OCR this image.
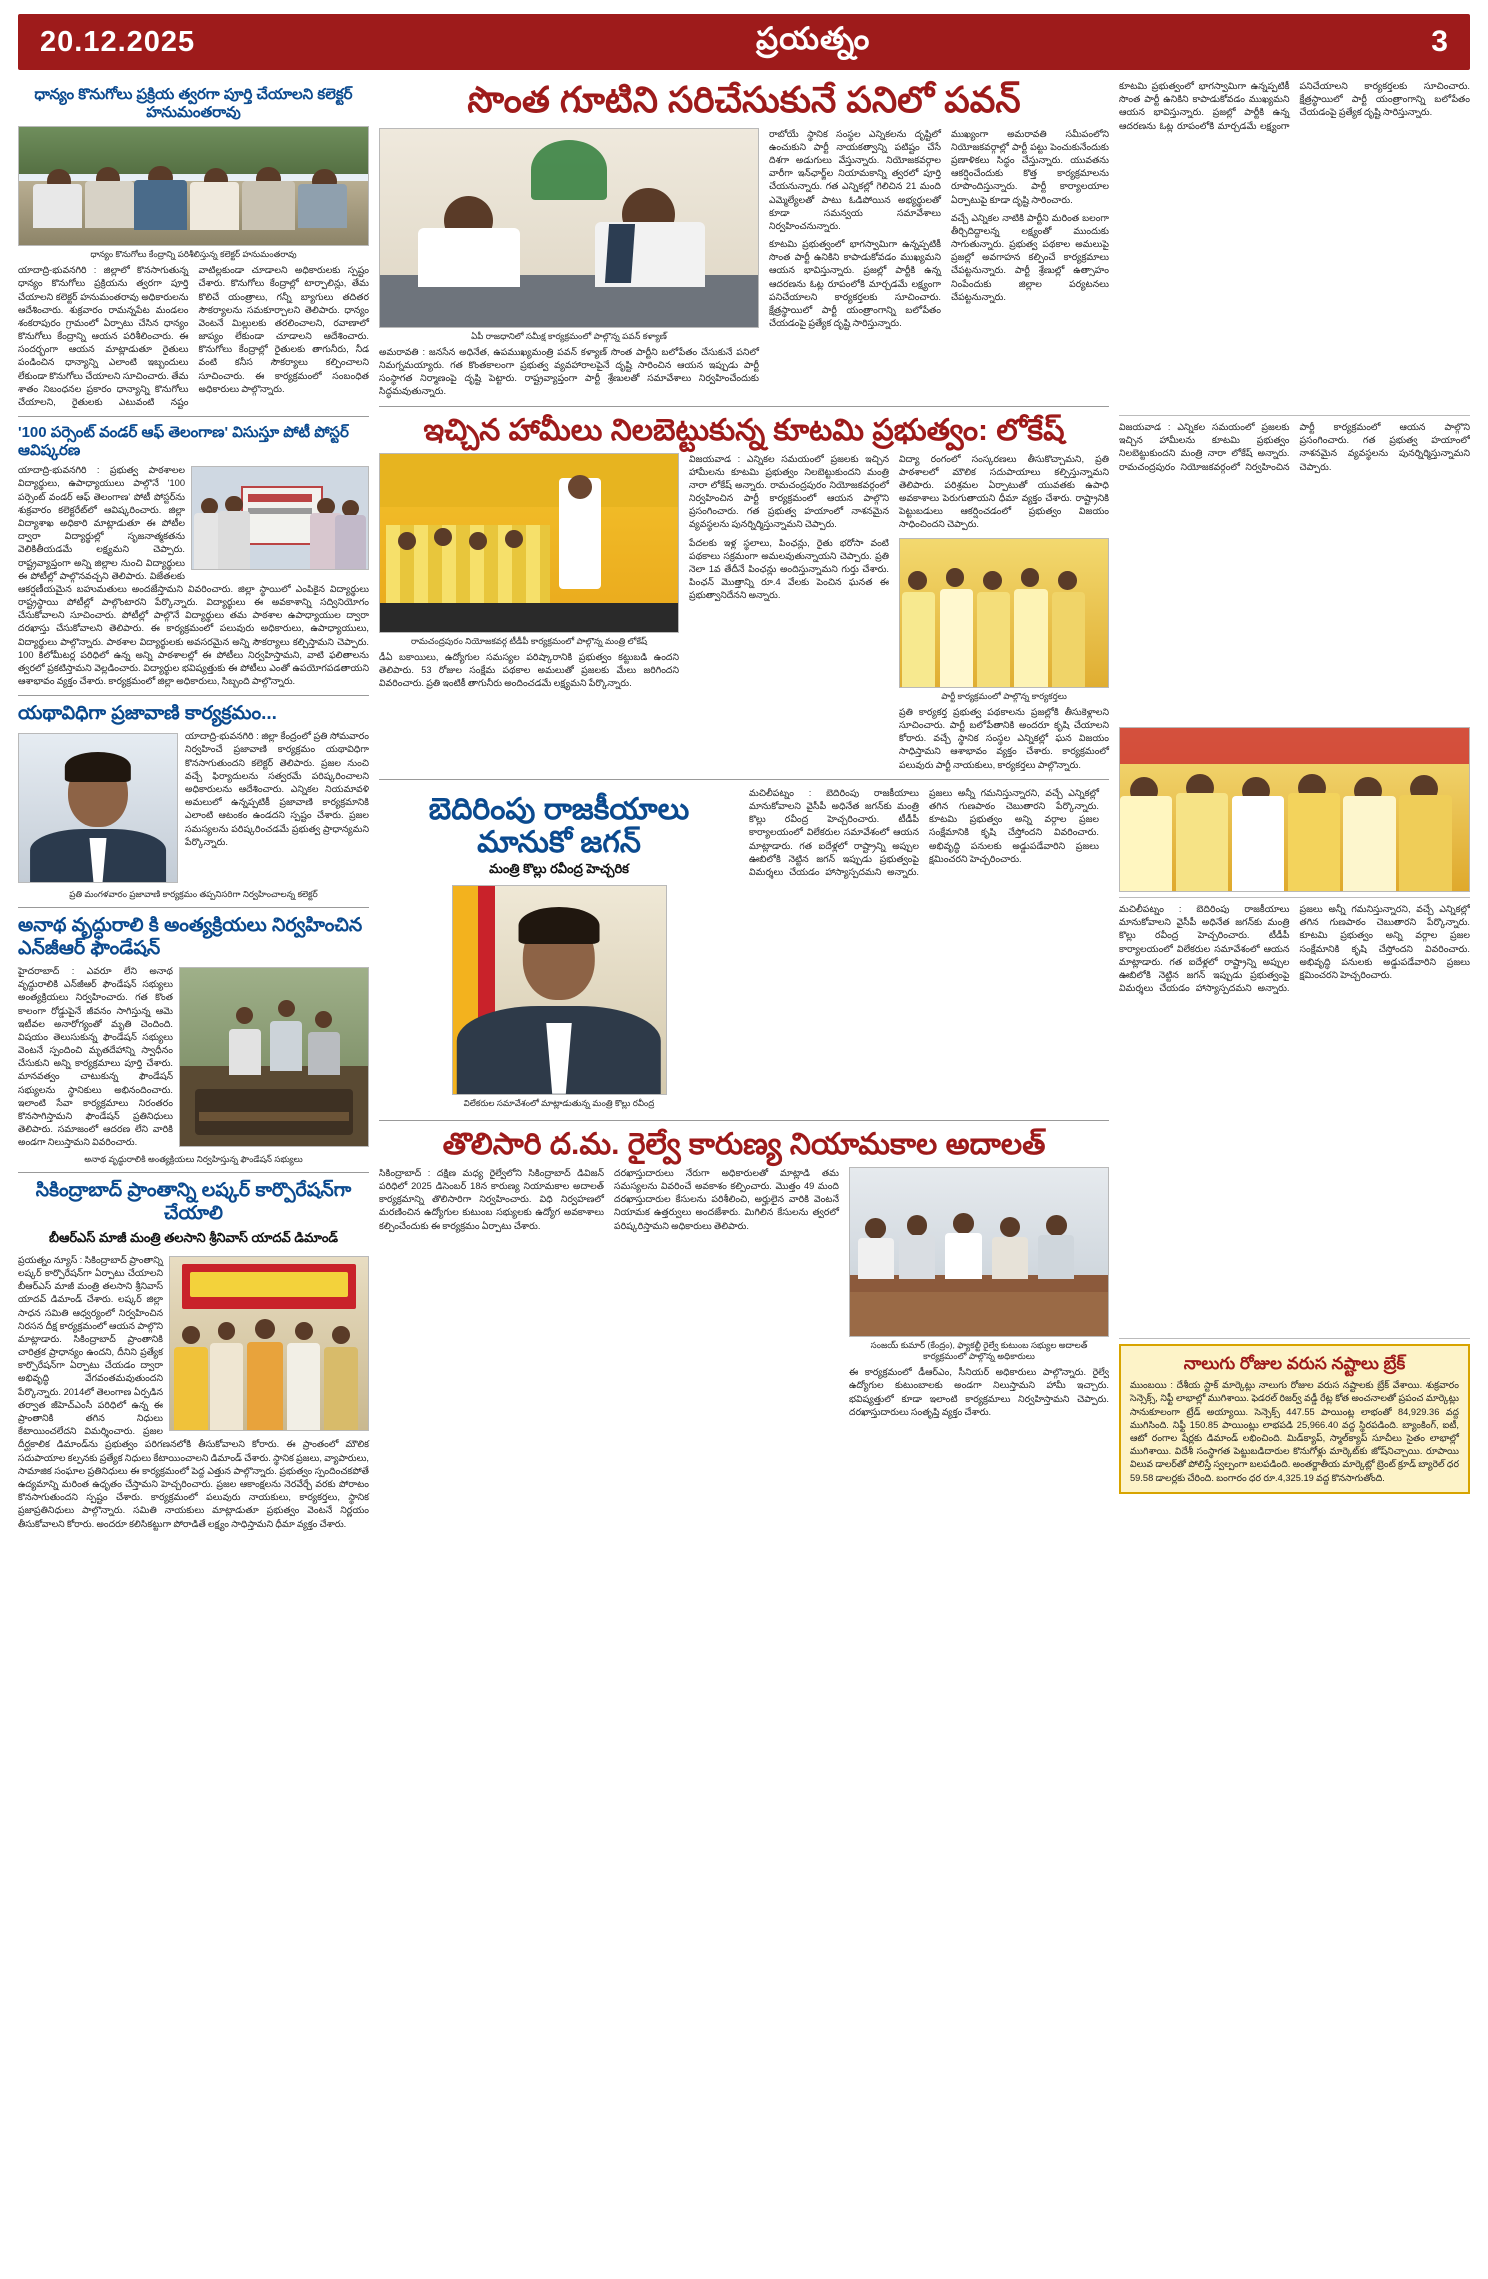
20.12.2025	ప్రయత్నం	3
ధాన్యం కొనుగోలు ప్రక్రియ త్వరగా పూర్తి చేయాలని కలెక్టర్ హనుమంతరావు
ధాన్యం కొనుగోలు కేంద్రాన్ని పరిశీలిస్తున్న కలెక్టర్ హనుమంతరావు
యాదాద్రి-భువనగిరి : జిల్లాలో కొనసాగుతున్న ధాన్యం కొనుగోలు ప్రక్రియను త్వరగా పూర్తి చేయాలని కలెక్టర్ హనుమంతరావు అధికారులను ఆదేశించారు. శుక్రవారం రామన్నపేట మండలం శంకరాపురం గ్రామంలో ఏర్పాటు చేసిన ధాన్యం కొనుగోలు కేంద్రాన్ని ఆయన పరిశీలించారు. ఈ సందర్భంగా ఆయన మాట్లాడుతూ రైతులు పండించిన ధాన్యాన్ని ఎలాంటి ఇబ్బందులు లేకుండా కొనుగోలు చేయాలని సూచించారు. తేమ శాతం నిబంధనల ప్రకారం ధాన్యాన్ని కొనుగోలు చేయాలని, రైతులకు ఎటువంటి నష్టం వాటిల్లకుండా చూడాలని అధికారులకు స్పష్టం చేశారు. కొనుగోలు కేంద్రాల్లో టార్పాలిన్లు, తేమ కొలిచే యంత్రాలు, గన్నీ బ్యాగులు తదితర సౌకర్యాలను సమకూర్చాలని తెలిపారు. ధాన్యం వెంటనే మిల్లులకు తరలించాలని, రవాణాలో జాప్యం లేకుండా చూడాలని ఆదేశించారు. కొనుగోలు కేంద్రాల్లో రైతులకు తాగునీరు, నీడ వంటి కనీస సౌకర్యాలు కల్పించాలని సూచించారు. ఈ కార్యక్రమంలో సంబంధిత అధికారులు పాల్గొన్నారు.
'100 పర్సెంట్ వండర్​ ఆఫ్ తెలంగాణ' విసుస్తూ పోటీ పోస్టర్ ఆవిష్కరణ
యాదాద్రి-భువనగిరి : ప్రభుత్వ పాఠశాలల విద్యార్థులు, ఉపాధ్యాయులు పాల్గొనే '100 పర్సెంట్ వండర్ ఆఫ్ తెలంగాణ' పోటీ పోస్టర్​ను శుక్రవారం కలెక్టరేట్​లో ఆవిష్కరించారు. జిల్లా విద్యాశాఖ అధికారి మాట్లాడుతూ ఈ పోటీల ద్వారా విద్యార్థుల్లో సృజనాత్మకతను వెలికితీయడమే లక్ష్యమని చెప్పారు. రాష్ట్రవ్యాప్తంగా అన్ని జిల్లాల నుంచి విద్యార్థులు ఈ పోటీల్లో పాల్గొనవచ్చని తెలిపారు. విజేతలకు ఆకర్షణీయమైన బహుమతులు అందజేస్తామని వివరించారు. జిల్లా స్థాయిలో ఎంపికైన విద్యార్థులు రాష్ట్రస్థాయి పోటీల్లో పాల్గొంటారని పేర్కొన్నారు. విద్యార్థులు ఈ అవకాశాన్ని సద్వినియోగం చేసుకోవాలని సూచించారు. పోటీల్లో పాల్గొనే విద్యార్థులు తమ పాఠశాల ఉపాధ్యాయుల ద్వారా దరఖాస్తు చేసుకోవాలని తెలిపారు. ఈ కార్యక్రమంలో పలువురు అధికారులు, ఉపాధ్యాయులు, విద్యార్థులు పాల్గొన్నారు. పాఠశాల విద్యార్థులకు అవసరమైన అన్ని సౌకర్యాలు కల్పిస్తామని చెప్పారు. 100 కిలోమీటర్ల పరిధిలో ఉన్న అన్ని పాఠశాలల్లో ఈ పోటీలు నిర్వహిస్తామని, వాటి ఫలితాలను త్వరలో ప్రకటిస్తామని వెల్లడించారు. విద్యార్థుల భవిష్యత్తుకు ఈ పోటీలు ఎంతో ఉపయోగపడతాయని ఆశాభావం వ్యక్తం చేశారు. కార్యక్రమంలో జిల్లా అధికారులు, సిబ్బంది పాల్గొన్నారు.
యథావిధిగా ప్రజావాణి కార్యక్రమం...
యాదాద్రి-భువనగిరి : జిల్లా కేంద్రంలో ప్రతి సోమవారం నిర్వహించే ప్రజావాణి కార్యక్రమం యథావిధిగా కొనసాగుతుందని కలెక్టర్ తెలిపారు. ప్రజల నుంచి వచ్చే ఫిర్యాదులను సత్వరమే పరిష్కరించాలని అధికారులను ఆదేశించారు. ఎన్నికల నియమావళి అమలులో ఉన్నప్పటికీ ప్రజావాణి కార్యక్రమానికి ఎలాంటి ఆటంకం ఉండదని స్పష్టం చేశారు. ప్రజల సమస్యలను పరిష్కరించడమే ప్రభుత్వ ప్రాధాన్యమని పేర్కొన్నారు.
ప్రతి మంగళవారం ప్రజావాణి కార్యక్రమం తప్పనిసరిగా నిర్వహించాలన్న కలెక్టర్
అనాథ వృద్ధురాలి కి అంత్యక్రియలు నిర్వహించిన ఎన్​జీఆర్ ఫౌండేషన్
హైదరాబాద్ : ఎవరూ లేని అనాథ వృద్ధురాలికి ఎన్​జీఆర్ ఫౌండేషన్ సభ్యులు అంత్యక్రియలు నిర్వహించారు. గత కొంత కాలంగా రోడ్డుపైనే జీవనం సాగిస్తున్న ఆమె ఇటీవల అనారోగ్యంతో మృతి చెందింది. విషయం తెలుసుకున్న ఫౌండేషన్ సభ్యులు వెంటనే స్పందించి మృతదేహాన్ని స్వాధీనం చేసుకుని అన్ని కార్యక్రమాలు పూర్తి చేశారు. మానవత్వం చాటుకున్న ఫౌండేషన్ సభ్యులను స్థానికులు అభినందించారు. ఇలాంటి సేవా కార్యక్రమాలు నిరంతరం కొనసాగిస్తామని ఫౌండేషన్ ప్రతినిధులు తెలిపారు. సమాజంలో ఆదరణ లేని వారికి అండగా నిలుస్తామని వివరించారు.
అనాథ వృద్ధురాలికి అంత్యక్రియలు నిర్వహిస్తున్న ఫౌండేషన్ సభ్యులు
సికింద్రాబాద్ ప్రాంతాన్ని లష్కర్ కార్పొరేషన్​గా చేయాలి
బీఆర్ఎస్ మాజీ మంత్రి తలసాని శ్రీనివాస్ యాదవ్ డిమాండ్
ప్రయత్నం న్యూస్ : సికింద్రాబాద్ ప్రాంతాన్ని లష్కర్ కార్పొరేషన్​గా ఏర్పాటు చేయాలని బీఆర్ఎస్ మాజీ మంత్రి తలసాని శ్రీనివాస్ యాదవ్ డిమాండ్ చేశారు. లష్కర్ జిల్లా సాధన సమితి ఆధ్వర్యంలో నిర్వహించిన నిరసన దీక్ష కార్యక్రమంలో ఆయన పాల్గొని మాట్లాడారు. సికింద్రాబాద్ ప్రాంతానికి చారిత్రక ప్రాధాన్యం ఉందని, దీనిని ప్రత్యేక కార్పొరేషన్​గా ఏర్పాటు చేయడం ద్వారా అభివృద్ధి వేగవంతమవుతుందని పేర్కొన్నారు. 2014లో తెలంగాణ ఏర్పడిన తర్వాత జీహెచ్ఎంసీ పరిధిలో ఉన్న ఈ ప్రాంతానికి తగిన నిధులు కేటాయించలేదని విమర్శించారు. ప్రజల దీర్ఘకాలిక డిమాండ్​ను ప్రభుత్వం పరిగణనలోకి తీసుకోవాలని కోరారు. ఈ ప్రాంతంలో మౌలిక సదుపాయాల కల్పనకు ప్రత్యేక నిధులు కేటాయించాలని డిమాండ్ చేశారు. స్థానిక ప్రజలు, వ్యాపారులు, సామాజిక సంఘాల ప్రతినిధులు ఈ కార్యక్రమంలో పెద్ద ఎత్తున పాల్గొన్నారు. ప్రభుత్వం స్పందించకపోతే ఉద్యమాన్ని మరింత ఉధృతం చేస్తామని హెచ్చరించారు. ప్రజల ఆకాంక్షలను నెరవేర్చే వరకు పోరాటం కొనసాగుతుందని స్పష్టం చేశారు. కార్యక్రమంలో పలువురు నాయకులు, కార్యకర్తలు, స్థానిక ప్రజాప్రతినిధులు పాల్గొన్నారు. సమితి నాయకులు మాట్లాడుతూ ప్రభుత్వం వెంటనే నిర్ణయం తీసుకోవాలని కోరారు. అందరూ కలిసికట్టుగా పోరాడితే లక్ష్యం సాధిస్తామని ధీమా వ్యక్తం చేశారు.
సొంత గూటిని సరిచేసుకునే పనిలో పవన్
ఏపీ రాజధానిలో సమీక్ష కార్యక్రమంలో పాల్గొన్న పవన్ కళ్యాణ్
అమరావతి : జనసేన అధినేత, ఉపముఖ్యమంత్రి పవన్ కళ్యాణ్ సొంత పార్టీని బలోపేతం చేసుకునే పనిలో నిమగ్నమయ్యారు. గత కొంతకాలంగా ప్రభుత్వ వ్యవహారాలపైనే దృష్టి సారించిన ఆయన ఇప్పుడు పార్టీ సంస్థాగత నిర్మాణంపై దృష్టి పెట్టారు. రాష్ట్రవ్యాప్తంగా పార్టీ శ్రేణులతో సమావేశాలు నిర్వహించేందుకు సిద్ధమవుతున్నారు.
రాబోయే స్థానిక సంస్థల ఎన్నికలను దృష్టిలో ఉంచుకుని పార్టీ నాయకత్వాన్ని పటిష్టం చేసే దిశగా అడుగులు వేస్తున్నారు. నియోజకవర్గాల వారీగా ఇన్​ఛార్జ్​ల నియామకాన్ని త్వరలో పూర్తి చేయనున్నారు. గత ఎన్నికల్లో గెలిచిన 21 మంది ఎమ్మెల్యేలతో పాటు ఓడిపోయిన అభ్యర్థులతో కూడా సమన్వయ సమావేశాలు నిర్వహించనున్నారు.
కూటమి ప్రభుత్వంలో భాగస్వామిగా ఉన్నప్పటికీ సొంత పార్టీ ఉనికిని కాపాడుకోవడం ముఖ్యమని ఆయన భావిస్తున్నారు. ప్రజల్లో పార్టీకి ఉన్న ఆదరణను ఓట్ల రూపంలోకి మార్చడమే లక్ష్యంగా పనిచేయాలని కార్యకర్తలకు సూచించారు. క్షేత్రస్థాయిలో పార్టీ యంత్రాంగాన్ని బలోపేతం చేయడంపై ప్రత్యేక దృష్టి సారిస్తున్నారు.
ముఖ్యంగా అమరావతి సమీపంలోని నియోజకవర్గాల్లో పార్టీ పట్టు పెంచుకునేందుకు ప్రణాళికలు సిద్ధం చేస్తున్నారు. యువతను ఆకర్షించేందుకు కొత్త కార్యక్రమాలను రూపొందిస్తున్నారు. పార్టీ కార్యాలయాల ఏర్పాటుపై కూడా దృష్టి సారించారు.
వచ్చే ఎన్నికల నాటికి పార్టీని మరింత బలంగా తీర్చిదిద్దాలన్న లక్ష్యంతో ముందుకు సాగుతున్నారు. ప్రభుత్వ పథకాల అమలుపై ప్రజల్లో అవగాహన కల్పించే కార్యక్రమాలు చేపట్టనున్నారు. పార్టీ శ్రేణుల్లో ఉత్సాహం నింపేందుకు జిల్లాల పర్యటనలు చేపట్టనున్నారు.
ఇచ్చిన హామీలు నిలబెట్టుకున్న కూటమి ప్రభుత్వం: లోకేష్
రామచంద్రపురం నియోజకవర్గ టీడీపీ కార్యక్రమంలో పాల్గొన్న మంత్రి లోకేష్
డీఏ బకాయిలు, ఉద్యోగుల సమస్యల పరిష్కారానికి ప్రభుత్వం కట్టుబడి ఉందని తెలిపారు. 53 రోజుల సంక్షేమ పథకాల అమలుతో ప్రజలకు మేలు జరిగిందని వివరించారు. ప్రతి ఇంటికీ తాగునీరు అందించడమే లక్ష్యమని పేర్కొన్నారు.
విజయవాడ : ఎన్నికల సమయంలో ప్రజలకు ఇచ్చిన హామీలను కూటమి ప్రభుత్వం నిలబెట్టుకుందని మంత్రి నారా లోకేష్ అన్నారు. రామచంద్రపురం నియోజకవర్గంలో నిర్వహించిన పార్టీ కార్యక్రమంలో ఆయన పాల్గొని ప్రసంగించారు. గత ప్రభుత్వ హయాంలో నాశనమైన వ్యవస్థలను పునర్నిర్మిస్తున్నామని చెప్పారు.
పేదలకు ఇళ్ల స్థలాలు, పింఛన్లు, రైతు భరోసా వంటి పథకాలు సక్రమంగా అమలవుతున్నాయని చెప్పారు. ప్రతి నెలా 1వ తేదీనే పింఛన్లు అందిస్తున్నామని గుర్తు చేశారు. పింఛన్ మొత్తాన్ని రూ.4 వేలకు పెంచిన ఘనత ఈ ప్రభుత్వానిదేనని అన్నారు.
విద్యా రంగంలో సంస్కరణలు తీసుకొచ్చామని, ప్రతి పాఠశాలలో మౌలిక సదుపాయాలు కల్పిస్తున్నామని తెలిపారు. పరిశ్రమల ఏర్పాటుతో యువతకు ఉపాధి అవకాశాలు పెరుగుతాయని ధీమా వ్యక్తం చేశారు. రాష్ట్రానికి పెట్టుబడులు ఆకర్షించడంలో ప్రభుత్వం విజయం సాధించిందని చెప్పారు.
పార్టీ కార్యక్రమంలో పాల్గొన్న కార్యకర్తలు
ప్రతి కార్యకర్త ప్రభుత్వ పథకాలను ప్రజల్లోకి తీసుకెళ్లాలని సూచించారు. పార్టీ బలోపేతానికి అందరూ కృషి చేయాలని కోరారు. వచ్చే స్థానిక సంస్థల ఎన్నికల్లో ఘన విజయం సాధిస్తామని ఆశాభావం వ్యక్తం చేశారు. కార్యక్రమంలో పలువురు పార్టీ నాయకులు, కార్యకర్తలు పాల్గొన్నారు.
బెదిరింపు రాజకీయాలు మానుకో జగన్
మంత్రి కొల్లు రవీంద్ర హెచ్చరిక
విలేకరుల సమావేశంలో మాట్లాడుతున్న మంత్రి కొల్లు రవీంద్ర
మచిలీపట్నం : బెదిరింపు రాజకీయాలు మానుకోవాలని వైసీపీ అధినేత జగన్​కు మంత్రి కొల్లు రవీంద్ర హెచ్చరించారు. టీడీపీ కార్యాలయంలో విలేకరుల సమావేశంలో ఆయన మాట్లాడారు. గత ఐదేళ్లలో రాష్ట్రాన్ని అప్పుల ఊబిలోకి నెట్టిన జగన్ ఇప్పుడు ప్రభుత్వంపై విమర్శలు చేయడం హాస్యాస్పదమని అన్నారు. ప్రజలు అన్నీ గమనిస్తున్నారని, వచ్చే ఎన్నికల్లో తగిన గుణపాఠం చెబుతారని పేర్కొన్నారు. కూటమి ప్రభుత్వం అన్ని వర్గాల ప్రజల సంక్షేమానికి కృషి చేస్తోందని వివరించారు. అభివృద్ధి పనులకు అడ్డుపడేవారిని ప్రజలు క్షమించరని హెచ్చరించారు.
తొలిసారి ద.మ. రైల్వే కారుణ్య నియామకాల అదాలత్
సికింద్రాబాద్ : దక్షిణ మధ్య రైల్వేలోని సికింద్రాబాద్ డివిజన్ పరిధిలో 2025 డిసెంబర్ 18న కారుణ్య నియామకాల అదాలత్ కార్యక్రమాన్ని తొలిసారిగా నిర్వహించారు. విధి నిర్వహణలో మరణించిన ఉద్యోగుల కుటుంబ సభ్యులకు ఉద్యోగ అవకాశాలు కల్పించేందుకు ఈ కార్యక్రమం ఏర్పాటు చేశారు.
దరఖాస్తుదారులు నేరుగా అధికారులతో మాట్లాడి తమ సమస్యలను వివరించే అవకాశం కల్పించారు. మొత్తం 49 మంది దరఖాస్తుదారుల కేసులను పరిశీలించి, అర్హులైన వారికి వెంటనే నియామక ఉత్తర్వులు అందజేశారు. మిగిలిన కేసులను త్వరలో పరిష్కరిస్తామని అధికారులు తెలిపారు.
సంజయ్ కుమార్ (కేంద్రం), ఫ్యాకల్టీ రైల్వే కుటుంబ సభ్యుల అదాలత్ కార్యక్రమంలో పాల్గొన్న అధికారులు
ఈ కార్యక్రమంలో డీఆర్ఎం, సీనియర్ అధికారులు పాల్గొన్నారు. రైల్వే ఉద్యోగుల కుటుంబాలకు అండగా నిలుస్తామని హామీ ఇచ్చారు. భవిష్యత్తులో కూడా ఇలాంటి కార్యక్రమాలు నిర్వహిస్తామని చెప్పారు. దరఖాస్తుదారులు సంతృప్తి వ్యక్తం చేశారు.
కూటమి ప్రభుత్వంలో భాగస్వామిగా ఉన్నప్పటికీ సొంత పార్టీ ఉనికిని కాపాడుకోవడం ముఖ్యమని ఆయన భావిస్తున్నారు. ప్రజల్లో పార్టీకి ఉన్న ఆదరణను ఓట్ల రూపంలోకి మార్చడమే లక్ష్యంగా పనిచేయాలని కార్యకర్తలకు సూచించారు. క్షేత్రస్థాయిలో పార్టీ యంత్రాంగాన్ని బలోపేతం చేయడంపై ప్రత్యేక దృష్టి సారిస్తున్నారు.
విజయవాడ : ఎన్నికల సమయంలో ప్రజలకు ఇచ్చిన హామీలను కూటమి ప్రభుత్వం నిలబెట్టుకుందని మంత్రి నారా లోకేష్ అన్నారు. రామచంద్రపురం నియోజకవర్గంలో నిర్వహించిన పార్టీ కార్యక్రమంలో ఆయన పాల్గొని ప్రసంగించారు. గత ప్రభుత్వ హయాంలో నాశనమైన వ్యవస్థలను పునర్నిర్మిస్తున్నామని చెప్పారు.
మచిలీపట్నం : బెదిరింపు రాజకీయాలు మానుకోవాలని వైసీపీ అధినేత జగన్​కు మంత్రి కొల్లు రవీంద్ర హెచ్చరించారు. టీడీపీ కార్యాలయంలో విలేకరుల సమావేశంలో ఆయన మాట్లాడారు. గత ఐదేళ్లలో రాష్ట్రాన్ని అప్పుల ఊబిలోకి నెట్టిన జగన్ ఇప్పుడు ప్రభుత్వంపై విమర్శలు చేయడం హాస్యాస్పదమని అన్నారు. ప్రజలు అన్నీ గమనిస్తున్నారని, వచ్చే ఎన్నికల్లో తగిన గుణపాఠం చెబుతారని పేర్కొన్నారు. కూటమి ప్రభుత్వం అన్ని వర్గాల ప్రజల సంక్షేమానికి కృషి చేస్తోందని వివరించారు. అభివృద్ధి పనులకు అడ్డుపడేవారిని ప్రజలు క్షమించరని హెచ్చరించారు.
నాలుగు రోజుల వరుస నష్టాలు బ్రేక్
ముంబయి : దేశీయ స్టాక్ మార్కెట్లు నాలుగు రోజుల వరుస నష్టాలకు బ్రేక్ వేశాయి. శుక్రవారం సెన్సెక్స్, నిఫ్టీ లాభాల్లో ముగిశాయి. ఫెడరల్ రిజర్వ్ వడ్డీ రేట్ల కోత అంచనాలతో ప్రపంచ మార్కెట్లు సానుకూలంగా ట్రేడ్ అయ్యాయి. సెన్సెక్స్ 447.55 పాయింట్ల లాభంతో 84,929.36 వద్ద ముగిసింది. నిఫ్టీ 150.85 పాయింట్లు లాభపడి 25,966.40 వద్ద స్థిరపడింది. బ్యాంకింగ్, ఐటీ, ఆటో రంగాల షేర్లకు డిమాండ్ లభించింది. మిడ్​క్యాప్, స్మాల్​క్యాప్ సూచీలు సైతం లాభాల్లో ముగిశాయి. విదేశీ సంస్థాగత పెట్టుబడిదారుల కొనుగోళ్లు మార్కెట్​కు జోష్​నిచ్చాయి. రూపాయి విలువ డాలర్​తో పోలిస్తే స్వల్పంగా బలపడింది. అంతర్జాతీయ మార్కెట్లో బ్రెంట్ క్రూడ్ బ్యారెల్ ధర 59.58 డాలర్లకు చేరింది. బంగారం ధర రూ.4,325.19 వద్ద కొనసాగుతోంది.
